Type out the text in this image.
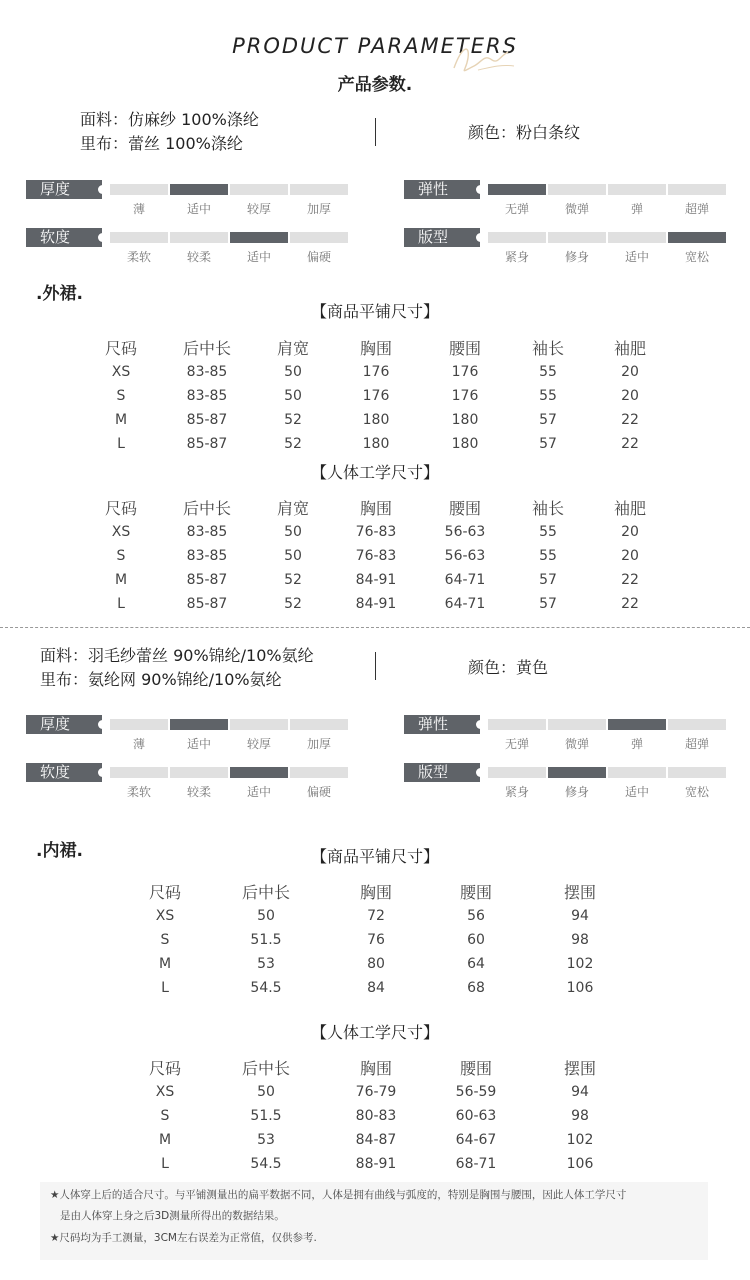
PRODUCT PARAMETERS
产品参数.
面料：仿麻纱 100%涤纶
里布：蕾丝 100%涤纶
颜色：粉白条纹
厚度
薄	适中	较厚	加厚
弹性
无弹	微弹	弹	超弹
软度
柔软	较柔	适中	偏硬
版型
紧身	修身	适中	宽松
.外裙.
【商品平铺尺寸】
尺码	后中长	肩宽	胸围	腰围	袖长	袖肥
XS	83-85	50	176	176	55	20
S	83-85	50	176	176	55	20
M	85-87	52	180	180	57	22
L	85-87	52	180	180	57	22
【人体工学尺寸】
尺码	后中长	肩宽	胸围	腰围	袖长	袖肥
XS	83-85	50	76-83	56-63	55	20
S	83-85	50	76-83	56-63	55	20
M	85-87	52	84-91	64-71	57	22
L	85-87	52	84-91	64-71	57	22
面料：羽毛纱蕾丝 90%锦纶/10%氨纶
里布：氨纶网 90%锦纶/10%氨纶
颜色：黄色
厚度
薄	适中	较厚	加厚
弹性
无弹	微弹	弹	超弹
软度
柔软	较柔	适中	偏硬
版型
紧身	修身	适中	宽松
.内裙.	【商品平铺尺寸】
尺码	后中长	胸围	腰围	摆围
XS	50	72	56	94
S	51.5	76	60	98
M	53	80	64	102
L	54.5	84	68	106
【人体工学尺寸】
尺码	后中长	胸围	腰围	摆围
XS	50	76-79	56-59	94
S	51.5	80-83	60-63	98
M	53	84-87	64-67	102
L	54.5	88-91	68-71	106
★人体穿上后的适合尺寸。与平铺测量出的扁平数据不同，人体是拥有曲线与弧度的，特别是胸围与腰围，因此人体工学尺寸
是由人体穿上身之后3D测量所得出的数据结果。
★尺码均为手工测量，3CM左右误差为正常值，仅供参考.
